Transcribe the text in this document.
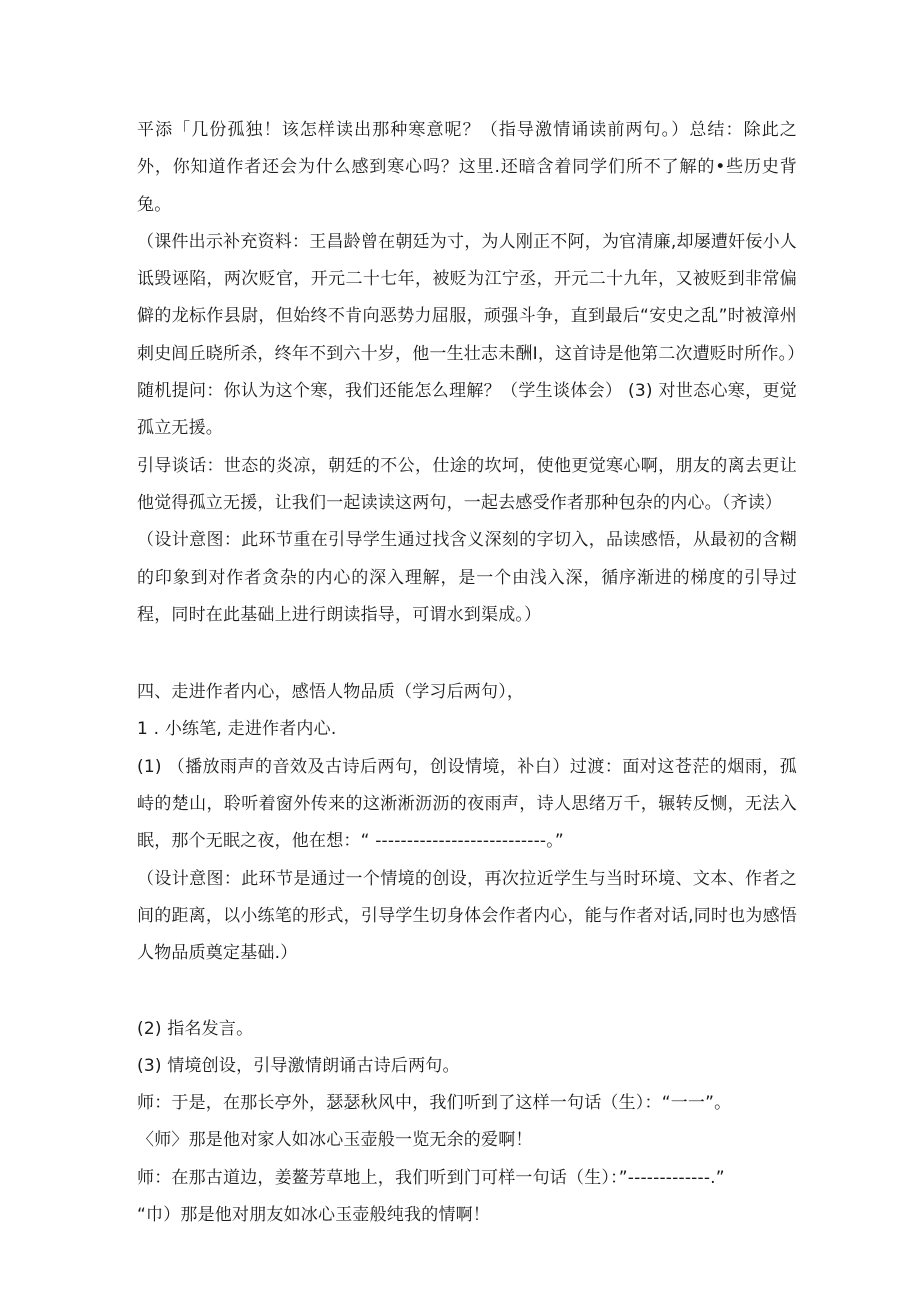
平添「几份孤独！该怎样读出那种寒意呢？（指导激情诵读前两句。）总结：除此之外，你知道作者还会为什么感到寒心吗？这里.还暗含着同学们所不了解的•些历史背兔。

（课件出示补充资料：王昌龄曾在朝廷为寸，为人刚正不阿，为官清廉,却屡遭奸佞小人诋毁诬陷，两次贬官，开元二十七年，被贬为江宁丞，开元二十九年，又被贬到非常偏僻的龙标作县尉，但始终不肯向恶势力屈服，顽强斗争，直到最后“安史之乱”时被漳州刺史闾丘晓所杀，终年不到六十岁，他一生壮志未酬I，这首诗是他第二次遭贬时所作。）

随机提问：你认为这个寒，我们还能怎么理解？（学生谈体会） (3) 对世态心寒，更觉孤立无援。

引导谈话：世态的炎凉，朝廷的不公，仕途的坎坷，使他更觉寒心啊，朋友的离去更让他觉得孤立无援，让我们一起读读这两句，一起去感受作者那种包杂的内心。（齐读）

（设计意图：此环节重在引导学生通过找含义深刻的字切入，品读感悟，从最初的含糊的印象到对作者贪杂的内心的深入理解，是一个由浅入深，循序渐进的梯度的引导过程，同时在此基础上进行朗读指导，可谓水到渠成。）

四、走进作者内心，感悟人物品质（学习后两句），

1 . 小练笔, 走进作者内心.

(1) （播放雨声的音效及古诗后两句，创设情境，补白）过渡：面对这苍茫的烟雨，孤峙的楚山，聆听着窗外传来的这淅淅沥沥的夜雨声，诗人思绪万千，辗转反恻，无法入眠，那个无眠之夜，他在想：“ ---------------------------。”

（设计意图：此环节是通过一个情境的创设，再次拉近学生与当时环境、文本、作者之间的距离，以小练笔的形式，引导学生切身体会作者内心，能与作者对话,同时也为感悟人物品质奠定基础.）

(2) 指名发言。

(3) 情境创设，引导激情朗诵古诗后两句。

师：于是，在那长亭外，瑟瑟秋风中，我们听到了这样一句话（生）：“一一”。

〈师〉那是他对家人如冰心玉壶般一览无余的爱啊！

师：在那古道边，姜鳌芳草地上，我们听到门可样一句话（生）：”-------------.”

“巾）那是他对朋友如冰心玉壶般纯我的情啊！
